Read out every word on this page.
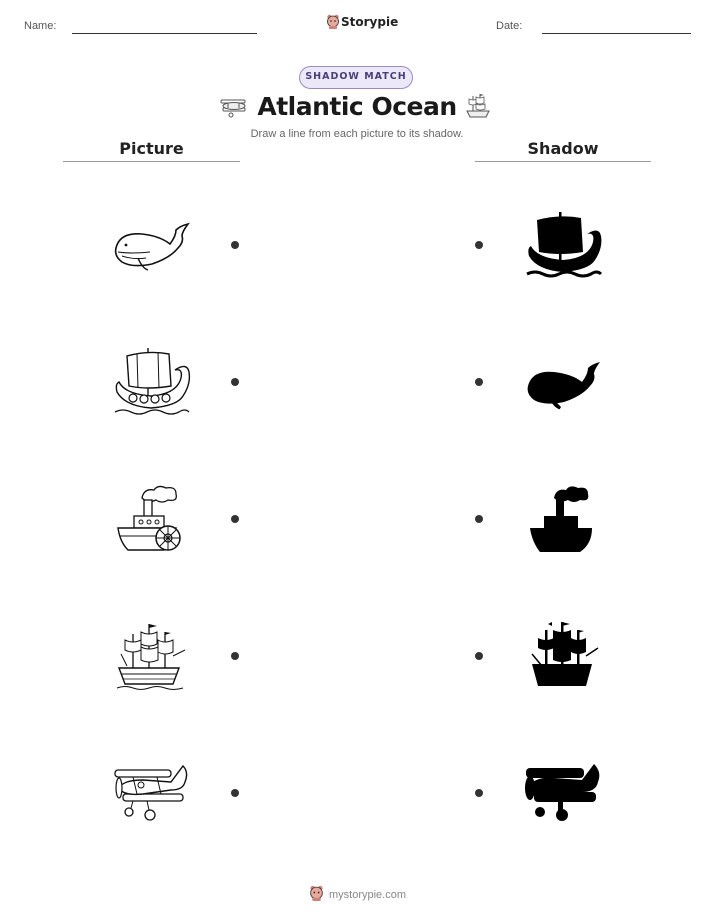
Name:	Storypie	Date:
SHADOW MATCH
Atlantic Ocean
Draw a line from each picture to its shadow.
Picture	Shadow
mystorypie.com
